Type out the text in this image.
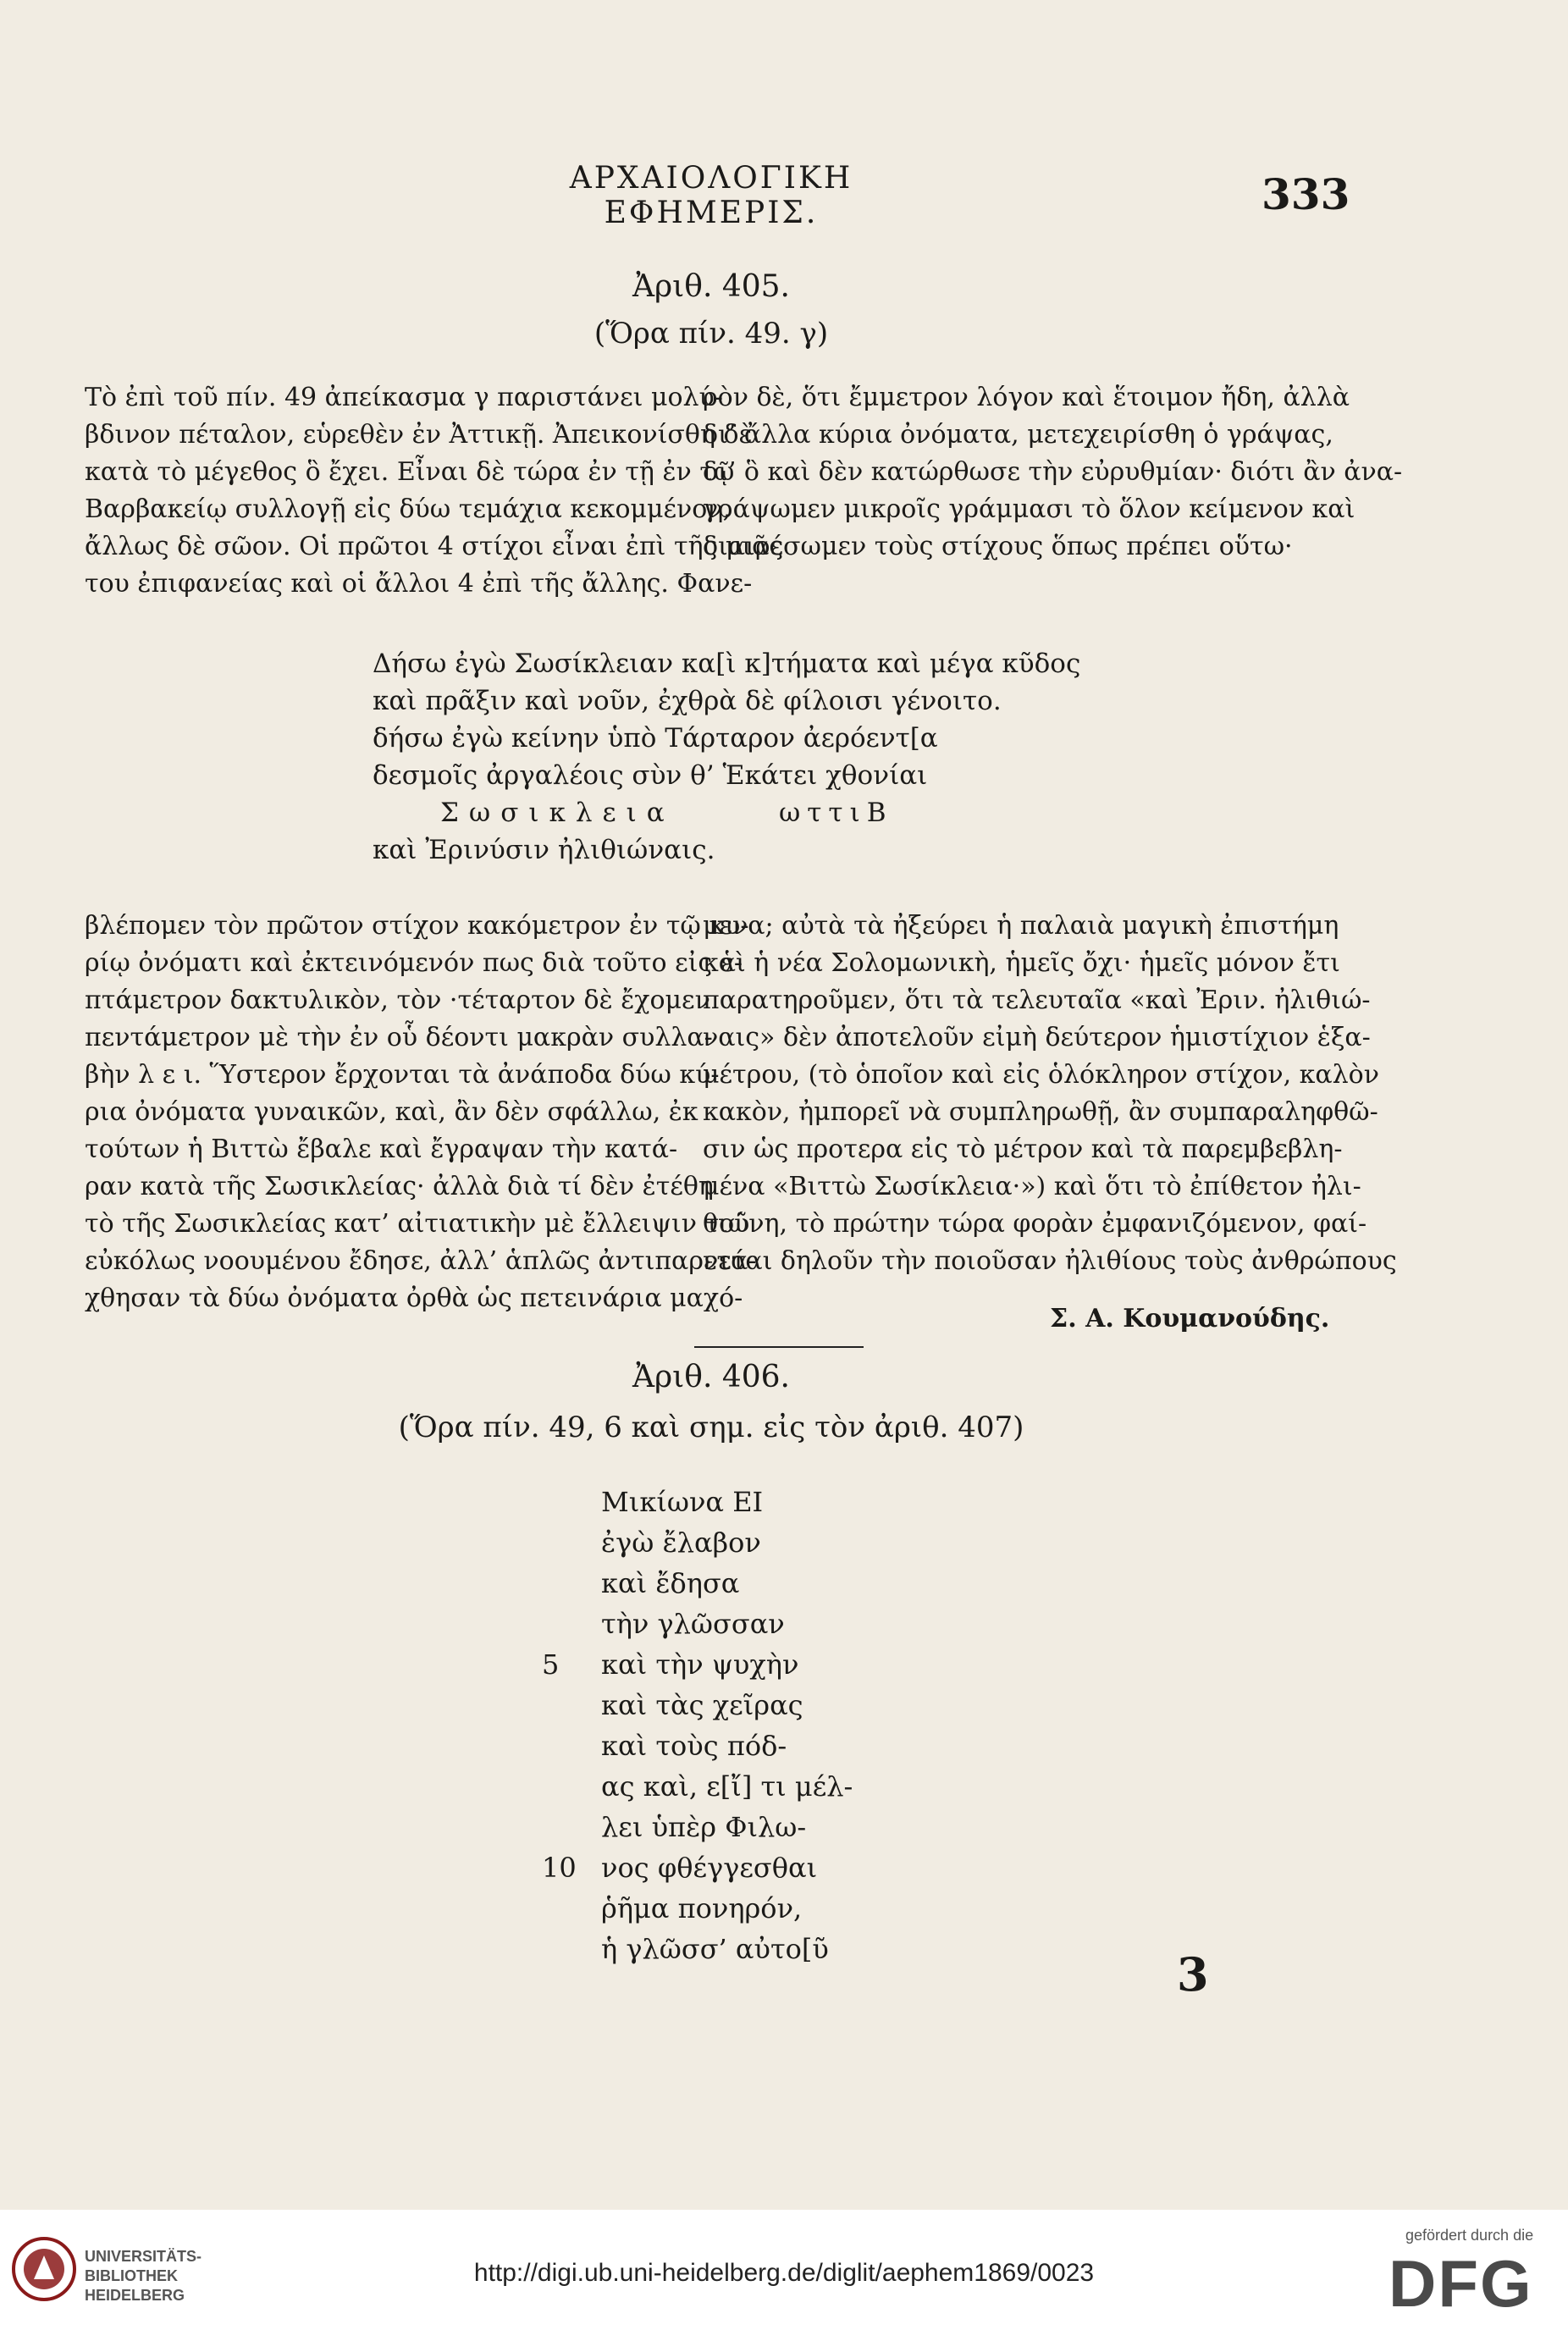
ΑΡΧΑΙΟΛΟΓΙΚΗ ΕΦΗΜΕΡΙΣ.	333
Ἀριθ. 405.
(Ὅρα πίν. 49. γ)

Τὸ ἐπὶ τοῦ πίν. 49 ἀπείκασμα γ παριστάνει μολύ-
βδινον πέταλον, εὑρεθὲν ἐν Ἀττικῇ. Ἀπεικονίσθη δὲ
κατὰ τὸ μέγεθος ὃ ἔχει. Εἶναι δὲ τώρα ἐν τῇ ἐν τῷ
Βαρβακείῳ συλλογῇ εἰς δύω τεμάχια κεκομμένον,
ἄλλως δὲ σῶον. Οἱ πρῶτοι 4 στίχοι εἶναι ἐπὶ τῆς μιᾶς
του ἐπιφανείας καὶ οἱ ἄλλοι 4 ἐπὶ τῆς ἄλλης. Φανε-

ρὸν δὲ, ὅτι ἔμμετρον λόγον καὶ ἕτοιμον ἤδη, ἀλλὰ
δι’ ἄλλα κύρια ὀνόματα, μετεχειρίσθη ὁ γράψας,
δι’ ὃ καὶ δὲν κατώρθωσε τὴν εὐρυθμίαν· διότι ἂν ἀνα-
γράψωμεν μικροῖς γράμμασι τὸ ὅλον κείμενον καὶ
διαιρέσωμεν τοὺς στίχους ὅπως πρέπει οὕτω·

Δήσω ἐγὼ Σωσίκλειαν κα[ὶ κ]τήματα καὶ μέγα κῦδος
καὶ πρᾶξιν καὶ νοῦν, ἐχθρὰ δὲ φίλοισι γένοιτο.
δήσω ἐγὼ κείνην ὑπὸ Τάρταρον ἀερόεντ[α
δεσμοῖς ἀργαλέοις σὺν θ’ Ἑκάτει χθονίαι
Σωσικλεια	ωττιΒ
καὶ Ἐρινύσιν ἠλιθιώναις.

βλέπομεν τὸν πρῶτον στίχον κακόμετρον ἐν τῷ κυ-
ρίῳ ὀνόματι καὶ ἐκτεινόμενόν πως διὰ τοῦτο εἰς ἑ-
πτάμετρον δακτυλικὸν, τὸν ·τέταρτον δὲ ἔχομεν
πεντάμετρον μὲ τὴν ἐν οὗ δέοντι μακρὰν συλλα-
βὴν λ ε ι. Ὕστερον ἔρχονται τὰ ἀνάποδα δύω κύ-
ρια ὀνόματα γυναικῶν, καὶ, ἂν δὲν σφάλλω, ἐκ
τούτων ἡ Βιττὼ ἔβαλε καὶ ἔγραψαν τὴν κατά-
ραν κατὰ τῆς Σωσικλείας· ἀλλὰ διὰ τί δὲν ἐτέθη
τὸ τῆς Σωσικλείας κατ’ αἰτιατικὴν μὲ ἔλλειψιν τοῦ
εὐκόλως νοουμένου ἔδησε, ἀλλ’ ἁπλῶς ἀντιπαρετά-
χθησαν τὰ δύω ὀνόματα ὀρθὰ ὡς πετεινάρια μαχό-

μενα; αὐτὰ τὰ ἠξεύρει ἡ παλαιὰ μαγικὴ ἐπιστήμη
καὶ ἡ νέα Σολομωνικὴ, ἡμεῖς ὄχι· ἡμεῖς μόνον ἔτι
παρατηροῦμεν, ὅτι τὰ τελευταῖα «καὶ Ἐριν. ἠλιθιώ-
ναις» δὲν ἀποτελοῦν εἰμὴ δεύτερον ἡμιστίχιον ἑξα-
μέτρου, (τὸ ὁποῖον καὶ εἰς ὁλόκληρον στίχον, καλὸν
κακὸν, ἠμπορεῖ νὰ συμπληρωθῇ, ἂν συμπαραληφθῶ-
σιν ὡς προτερα εἰς τὸ μέτρον καὶ τὰ παρεμβεβλη-
μένα «Βιττὼ Σωσίκλεια·») καὶ ὅτι τὸ ἐπίθετον ἠλι-
θιώνη, τὸ πρώτην τώρα φορὰν ἐμφανιζόμενον, φαί-
νεται δηλοῦν τὴν ποιοῦσαν ἠλιθίους τοὺς ἀνθρώπους

Σ. Α. Κουμανούδης.
Ἀριθ. 406.
(Ὅρα πίν. 49, 6 καὶ σημ. εἰς τὸν ἀριθ. 407)
Μικίωνα ΕΙ
ἐγὼ ἔλαβον
καὶ ἔδησα
τὴν γλῶσσαν
5 καὶ τὴν ψυχὴν
καὶ τὰς χεῖρας
καὶ τοὺς πόδ-
ας καὶ, ε[ἴ] τι μέλ-
λει ὑπὲρ Φιλω-
10 νος φθέγγεσθαι
ῥῆμα πονηρόν,
ἡ γλῶσσ’ αὐτο[ῦ	3
UNIVERSITÄTS-
BIBLIOTHEK
HEIDELBERG
http://digi.ub.uni-heidelberg.de/diglit/aephem1869/0023
gefördert durch die
DFG
